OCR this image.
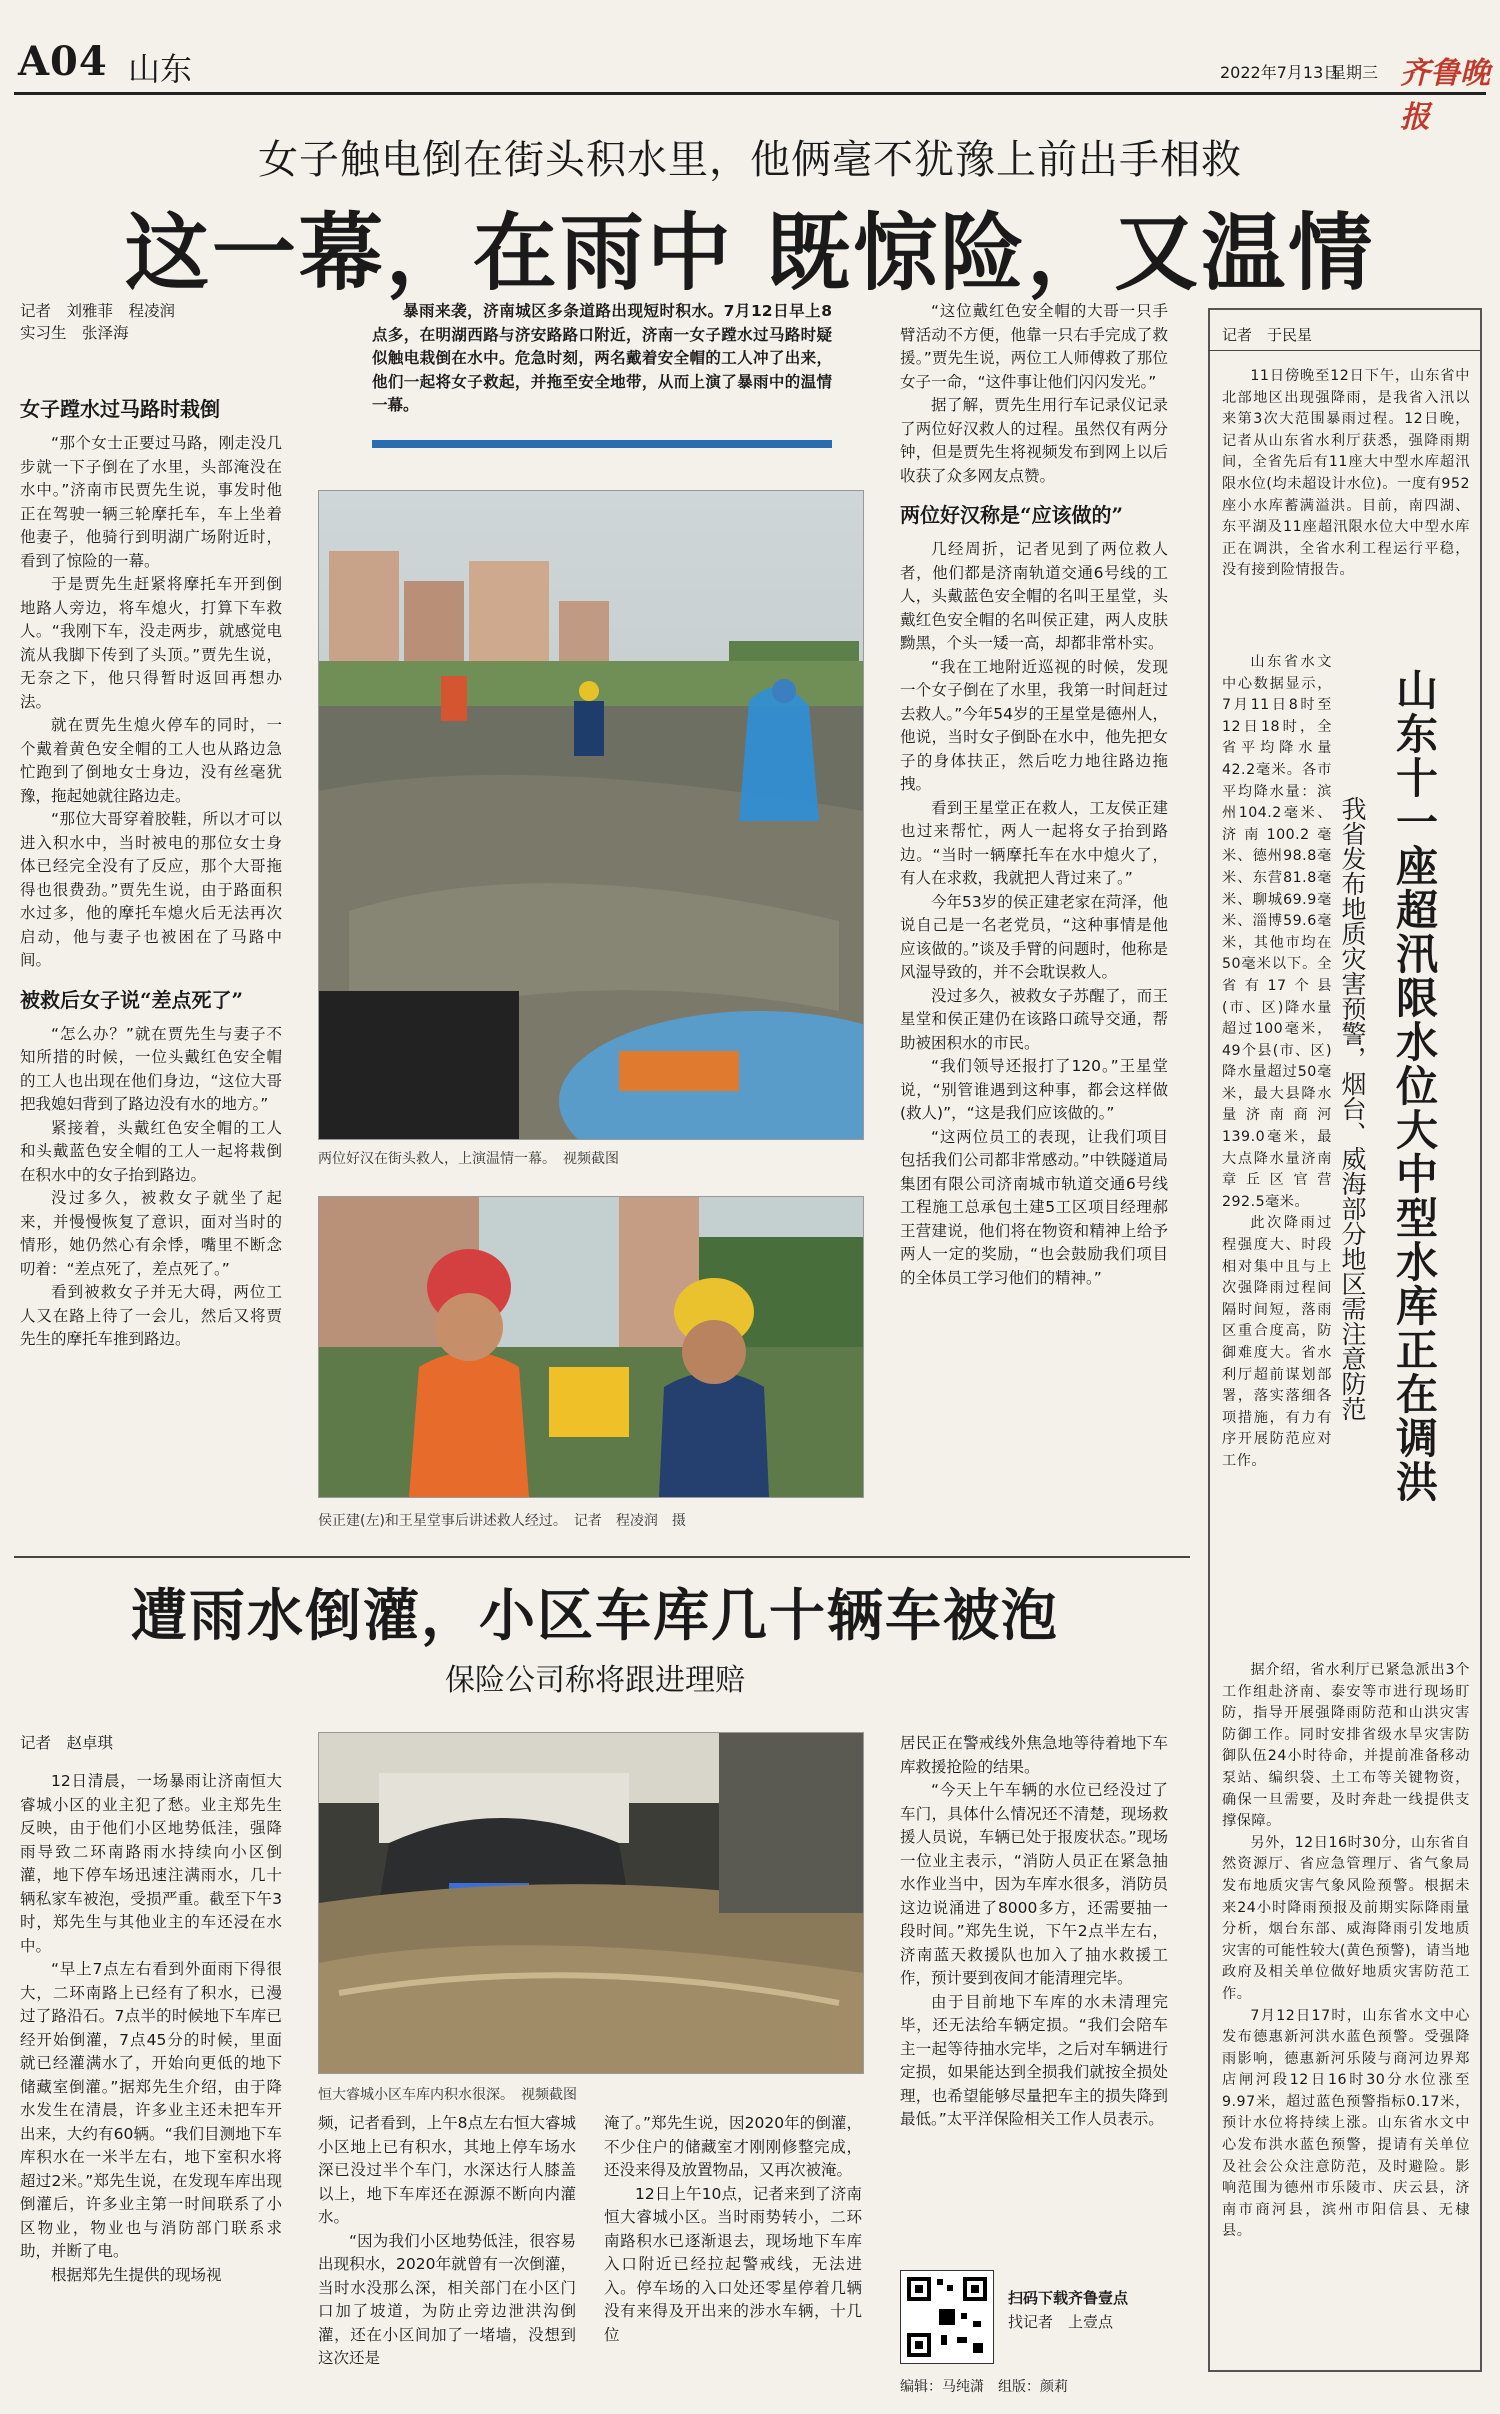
A04 山东	2022年7月13日
星期三 齐鲁晚报
女子触电倒在街头积水里，他俩毫不犹豫上前出手相救
这一幕，在雨中 既惊险，又温情
记者　刘雅菲　程凌润
实习生　张泽海
暴雨来袭，济南城区多条道路出现短时积水。7月12日早上8点多，在明湖西路与济安路路口附近，济南一女子蹚水过马路时疑似触电栽倒在水中。危急时刻，两名戴着安全帽的工人冲了出来，他们一起将女子救起，并拖至安全地带，从而上演了暴雨中的温情一幕。
女子蹚水过马路时栽倒

“那个女士正要过马路，刚走没几步就一下子倒在了水里，头部淹没在水中。”济南市民贾先生说，事发时他正在驾驶一辆三轮摩托车，车上坐着他妻子，他骑行到明湖广场附近时，看到了惊险的一幕。

于是贾先生赶紧将摩托车开到倒地路人旁边，将车熄火，打算下车救人。“我刚下车，没走两步，就感觉电流从我脚下传到了头顶。”贾先生说，无奈之下，他只得暂时返回再想办法。

就在贾先生熄火停车的同时，一个戴着黄色安全帽的工人也从路边急忙跑到了倒地女士身边，没有丝毫犹豫，拖起她就往路边走。

“那位大哥穿着胶鞋，所以才可以进入积水中，当时被电的那位女士身体已经完全没有了反应，那个大哥拖得也很费劲。”贾先生说，由于路面积水过多，他的摩托车熄火后无法再次启动，他与妻子也被困在了马路中间。

被救后女子说“差点死了”

“怎么办？”就在贾先生与妻子不知所措的时候，一位头戴红色安全帽的工人也出现在他们身边，“这位大哥把我媳妇背到了路边没有水的地方。”

紧接着，头戴红色安全帽的工人和头戴蓝色安全帽的工人一起将栽倒在积水中的女子抬到路边。

没过多久，被救女子就坐了起来，并慢慢恢复了意识，面对当时的情形，她仍然心有余悸，嘴里不断念叨着：“差点死了，差点死了。”

看到被救女子并无大碍，两位工人又在路上待了一会儿，然后又将贾先生的摩托车推到路边。

两位好汉在街头救人，上演温情一幕。　视频截图
侯正建(左)和王星堂事后讲述救人经过。　记者　程凌润　摄

“这位戴红色安全帽的大哥一只手臂活动不方便，他靠一只右手完成了救援。”贾先生说，两位工人师傅救了那位女子一命，“这件事让他们闪闪发光。”

据了解，贾先生用行车记录仪记录了两位好汉救人的过程。虽然仅有两分钟，但是贾先生将视频发布到网上以后收获了众多网友点赞。

两位好汉称是“应该做的”

几经周折，记者见到了两位救人者，他们都是济南轨道交通6号线的工人，头戴蓝色安全帽的名叫王星堂，头戴红色安全帽的名叫侯正建，两人皮肤黝黑，个头一矮一高，却都非常朴实。

“我在工地附近巡视的时候，发现一个女子倒在了水里，我第一时间赶过去救人。”今年54岁的王星堂是德州人，他说，当时女子倒卧在水中，他先把女子的身体扶正，然后吃力地往路边拖拽。

看到王星堂正在救人，工友侯正建也过来帮忙，两人一起将女子抬到路边。“当时一辆摩托车在水中熄火了，有人在求救，我就把人背过来了。”

今年53岁的侯正建老家在菏泽，他说自己是一名老党员，“这种事情是他应该做的。”谈及手臂的问题时，他称是风湿导致的，并不会耽误救人。

没过多久，被救女子苏醒了，而王星堂和侯正建仍在该路口疏导交通，帮助被困积水的市民。

“我们领导还报打了120。”王星堂说，“别管谁遇到这种事，都会这样做(救人)”，“这是我们应该做的。”

“这两位员工的表现，让我们项目包括我们公司都非常感动。”中铁隧道局集团有限公司济南城市轨道交通6号线工程施工总承包土建5工区项目经理郝王营建说，他们将在物资和精神上给予两人一定的奖励，“也会鼓励我们项目的全体员工学习他们的精神。”

遭雨水倒灌，小区车库几十辆车被泡
保险公司称将跟进理赔
记者　赵卓琪

12日清晨，一场暴雨让济南恒大睿城小区的业主犯了愁。业主郑先生反映，由于他们小区地势低洼，强降雨导致二环南路雨水持续向小区倒灌，地下停车场迅速注满雨水，几十辆私家车被泡，受损严重。截至下午3时，郑先生与其他业主的车还浸在水中。

“早上7点左右看到外面雨下得很大，二环南路上已经有了积水，已漫过了路沿石。7点半的时候地下车库已经开始倒灌，7点45分的时候，里面就已经灌满水了，开始向更低的地下储藏室倒灌。”据郑先生介绍，由于降水发生在清晨，许多业主还未把车开出来，大约有60辆。“我们目测地下车库积水在一米半左右，地下室积水将超过2米。”郑先生说，在发现车库出现倒灌后，许多业主第一时间联系了小区物业，物业也与消防部门联系求助，并断了电。

根据郑先生提供的现场视

恒大睿城小区车库内积水很深。　视频截图

频，记者看到，上午8点左右恒大睿城小区地上已有积水，其地上停车场水深已没过半个车门，水深达行人膝盖以上，地下车库还在源源不断向内灌水。

“因为我们小区地势低洼，很容易出现积水，2020年就曾有一次倒灌，当时水没那么深，相关部门在小区门口加了坡道，为防止旁边泄洪沟倒灌，还在小区间加了一堵墙，没想到这次还是

淹了。”郑先生说，因2020年的倒灌，不少住户的储藏室才刚刚修整完成，还没来得及放置物品，又再次被淹。

12日上午10点，记者来到了济南恒大睿城小区。当时雨势转小，二环南路积水已逐渐退去，现场地下车库入口附近已经拉起警戒线，无法进入。停车场的入口处还零星停着几辆没有来得及开出来的涉水车辆，十几位

居民正在警戒线外焦急地等待着地下车库救援抢险的结果。

“今天上午车辆的水位已经没过了车门，具体什么情况还不清楚，现场救援人员说，车辆已处于报废状态。”现场一位业主表示，“消防人员正在紧急抽水作业当中，因为车库水很多，消防员这边说涌进了8000多方，还需要抽一段时间。”郑先生说，下午2点半左右，济南蓝天救援队也加入了抽水救援工作，预计要到夜间才能清理完毕。

由于目前地下车库的水未清理完毕，还无法给车辆定损。“我们会陪车主一起等待抽水完毕，之后对车辆进行定损，如果能达到全损我们就按全损处理，也希望能够尽量把车主的损失降到最低。”太平洋保险相关工作人员表示。

扫码下载齐鲁壹点
找记者　上壹点
编辑：马纯潇　组版：颜莉
记者　于民星

11日傍晚至12日下午，山东省中北部地区出现强降雨，是我省入汛以来第3次大范围暴雨过程。12日晚，记者从山东省水利厅获悉，强降雨期间，全省先后有11座大中型水库超汛限水位(均未超设计水位)。一度有952座小水库蓄满溢洪。目前，南四湖、东平湖及11座超汛限水位大中型水库正在调洪，全省水利工程运行平稳，没有接到险情报告。

山东十一座超汛限水位大中型水库正在调洪
我省发布地质灾害预警，烟台、威海部分地区需注意防范

山东省水文中心数据显示，7月11日8时至12日18时，全省平均降水量42.2毫米。各市平均降水量：滨州104.2毫米、济南100.2毫米、德州98.8毫米、东营81.8毫米、聊城69.9毫米、淄博59.6毫米，其他市均在50毫米以下。全省有17个县(市、区)降水量超过100毫米，49个县(市、区)降水量超过50毫米，最大县降水量济南商河139.0毫米，最大点降水量济南章丘区官营292.5毫米。

此次降雨过程强度大、时段相对集中且与上次强降雨过程间隔时间短，落雨区重合度高，防御难度大。省水利厅超前谋划部署，落实落细各项措施，有力有序开展防范应对工作。

据介绍，省水利厅已紧急派出3个工作组赴济南、泰安等市进行现场盯防，指导开展强降雨防范和山洪灾害防御工作。同时安排省级水旱灾害防御队伍24小时待命，并提前准备移动泵站、编织袋、土工布等关键物资，确保一旦需要，及时奔赴一线提供支撑保障。

另外，12日16时30分，山东省自然资源厅、省应急管理厅、省气象局发布地质灾害气象风险预警。根据未来24小时降雨预报及前期实际降雨量分析，烟台东部、威海降雨引发地质灾害的可能性较大(黄色预警)，请当地政府及相关单位做好地质灾害防范工作。

7月12日17时，山东省水文中心发布德惠新河洪水蓝色预警。受强降雨影响，德惠新河乐陵与商河边界郑店闸河段12日16时30分水位涨至9.97米，超过蓝色预警指标0.17米，预计水位将持续上涨。山东省水文中心发布洪水蓝色预警，提请有关单位及社会公众注意防范，及时避险。影响范围为德州市乐陵市、庆云县，济南市商河县，滨州市阳信县、无棣县。
